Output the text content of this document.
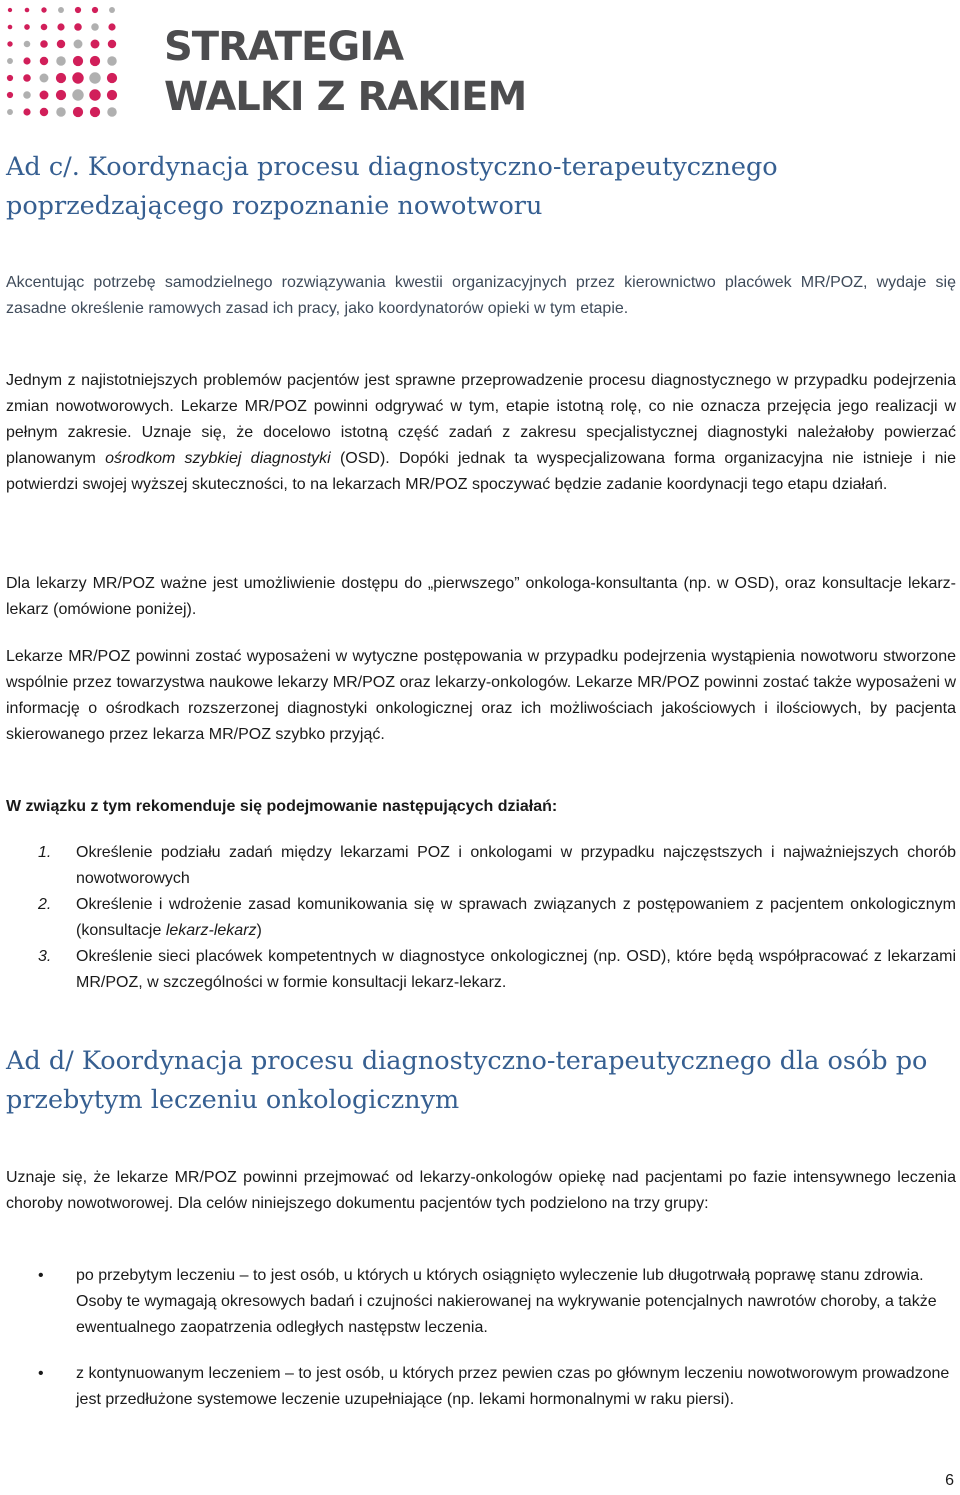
STRATEGIA
WALKI Z RAKIEM
Ad c/. Koordynacja procesu diagnostyczno-terapeutycznego
poprzedzającego rozpoznanie nowotworu

Akcentując potrzebę samodzielnego rozwiązywania kwestii organizacyjnych przez kierownictwo placówek MR/POZ, wydaje się zasadne określenie ramowych zasad ich pracy, jako koordynatorów opieki w tym etapie.

Jednym z najistotniejszych problemów pacjentów jest sprawne przeprowadzenie procesu diagnostycznego w przypadku podejrzenia zmian nowotworowych. Lekarze MR/POZ powinni odgrywać w tym, etapie istotną rolę, co nie oznacza przejęcia jego realizacji w pełnym zakresie. Uznaje się, że docelowo istotną część zadań z zakresu specjalistycznej diagnostyki należałoby powierzać planowanym ośrodkom szybkiej diagnostyki (OSD). Dopóki jednak ta wyspecjalizowana forma organizacyjna nie istnieje i nie potwierdzi swojej wyższej skuteczności, to na lekarzach MR/POZ spoczywać będzie zadanie koordynacji tego etapu działań.

Dla lekarzy MR/POZ ważne jest umożliwienie dostępu do „pierwszego” onkologa-konsultanta (np. w OSD), oraz konsultacje lekarz-lekarz (omówione poniżej).

Lekarze MR/POZ powinni zostać wyposażeni w wytyczne postępowania w przypadku podejrzenia wystąpienia nowotworu stworzone wspólnie przez towarzystwa naukowe lekarzy MR/POZ oraz lekarzy-onkologów. Lekarze MR/POZ powinni zostać także wyposażeni w informację o ośrodkach rozszerzonej diagnostyki onkologicznej oraz ich możliwościach jakościowych i ilościowych, by pacjenta skierowanego przez lekarza MR/POZ szybko przyjąć.

W związku z tym rekomenduje się podejmowanie następujących działań:

1. Określenie podziału zadań między lekarzami POZ i onkologami w przypadku najczęstszych i najważniejszych chorób nowotworowych
2. Określenie i wdrożenie zasad komunikowania się w sprawach związanych z postępowaniem z pacjentem onkologicznym (konsultacje lekarz-lekarz)
3. Określenie sieci placówek kompetentnych w diagnostyce onkologicznej (np. OSD), które będą współpracować z lekarzami MR/POZ, w szczególności w formie konsultacji lekarz-lekarz.
Ad d/ Koordynacja procesu diagnostyczno-terapeutycznego dla osób po
przebytym leczeniu onkologicznym

Uznaje się, że lekarze MR/POZ powinni przejmować od lekarzy-onkologów opiekę nad pacjentami po fazie intensywnego leczenia choroby nowotworowej. Dla celów niniejszego dokumentu pacjentów tych podzielono na trzy grupy:

• po przebytym leczeniu – to jest osób, u których u których osiągnięto wyleczenie lub długotrwałą poprawę stanu zdrowia. Osoby te wymagają okresowych badań i czujności nakierowanej na wykrywanie potencjalnych nawrotów choroby, a także ewentualnego zaopatrzenia odległych następstw leczenia.
• z kontynuowanym leczeniem – to jest osób, u których przez pewien czas po głównym leczeniu nowotworowym prowadzone jest przedłużone systemowe leczenie uzupełniające (np. lekami hormonalnymi w raku piersi).
6
